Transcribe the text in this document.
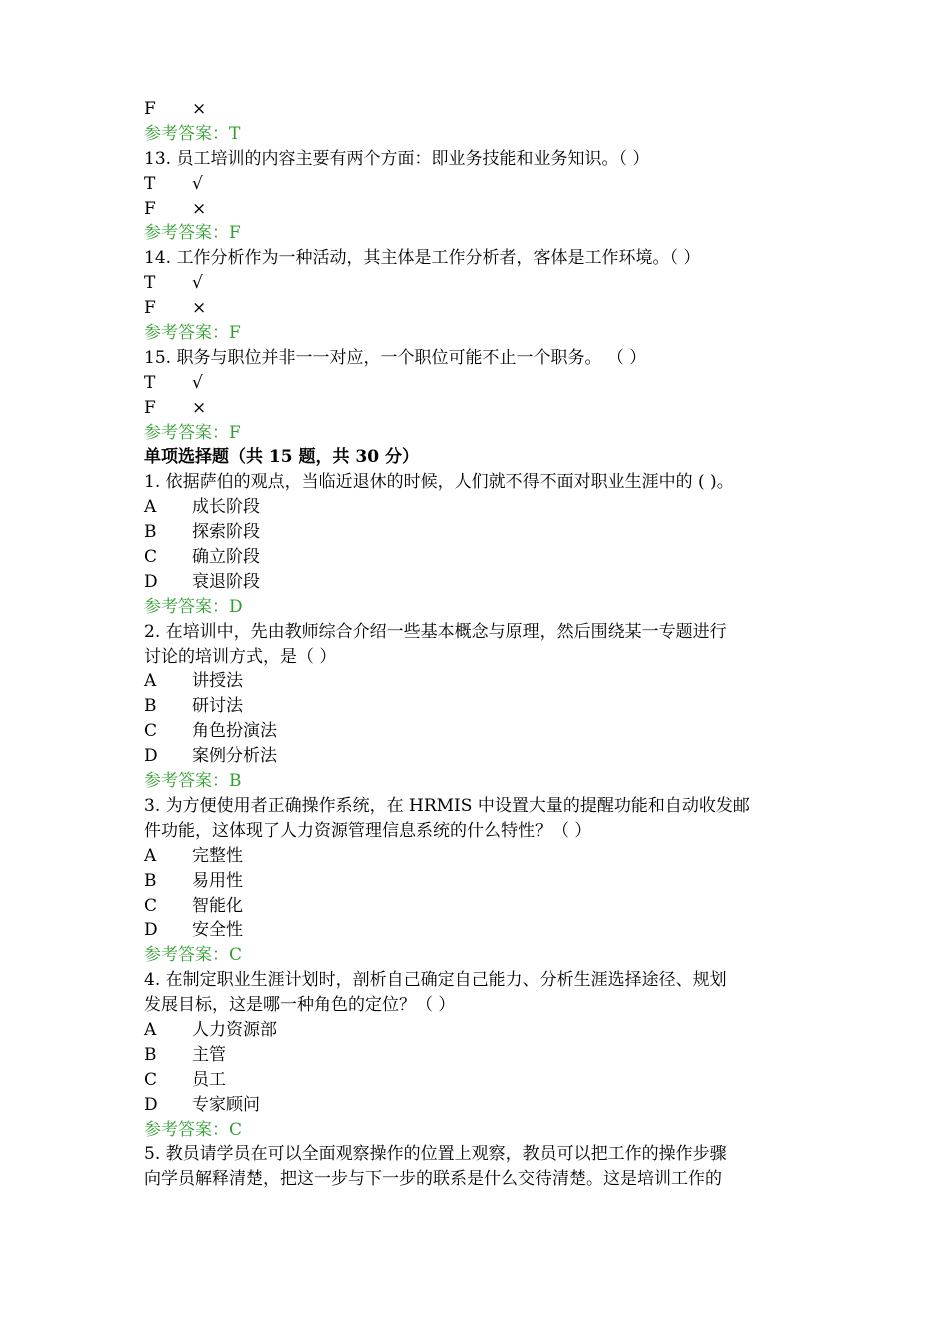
F ×
参考答案：T
13. 员工培训的内容主要有两个方面：即业务技能和业务知识。（ ）
T √
F ×
参考答案：F
14. 工作分析作为一种活动，其主体是工作分析者，客体是工作环境。（ ）
T √
F ×
参考答案：F
15. 职务与职位并非一一对应，一个职位可能不止一个职务。 （ ）
T √
F ×
参考答案：F
单项选择题（共 15 题，共 30 分）
1. 依据萨伯的观点，当临近退休的时候，人们就不得不面对职业生涯中的 ( )。
A 成长阶段
B 探索阶段
C 确立阶段
D 衰退阶段
参考答案：D
2. 在培训中，先由教师综合介绍一些基本概念与原理，然后围绕某一专题进行
讨论的培训方式，是（ ）
A 讲授法
B 研讨法
C 角色扮演法
D 案例分析法
参考答案：B
3. 为方便使用者正确操作系统，在 HRMIS 中设置大量的提醒功能和自动收发邮
件功能，这体现了人力资源管理信息系统的什么特性？（ ）
A 完整性
B 易用性
C 智能化
D 安全性
参考答案：C
4. 在制定职业生涯计划时，剖析自己确定自己能力、分析生涯选择途径、规划
发展目标，这是哪一种角色的定位？（ ）
A 人力资源部
B 主管
C 员工
D 专家顾问
参考答案：C
5. 教员请学员在可以全面观察操作的位置上观察，教员可以把工作的操作步骤
向学员解释清楚，把这一步与下一步的联系是什么交待清楚。这是培训工作的
